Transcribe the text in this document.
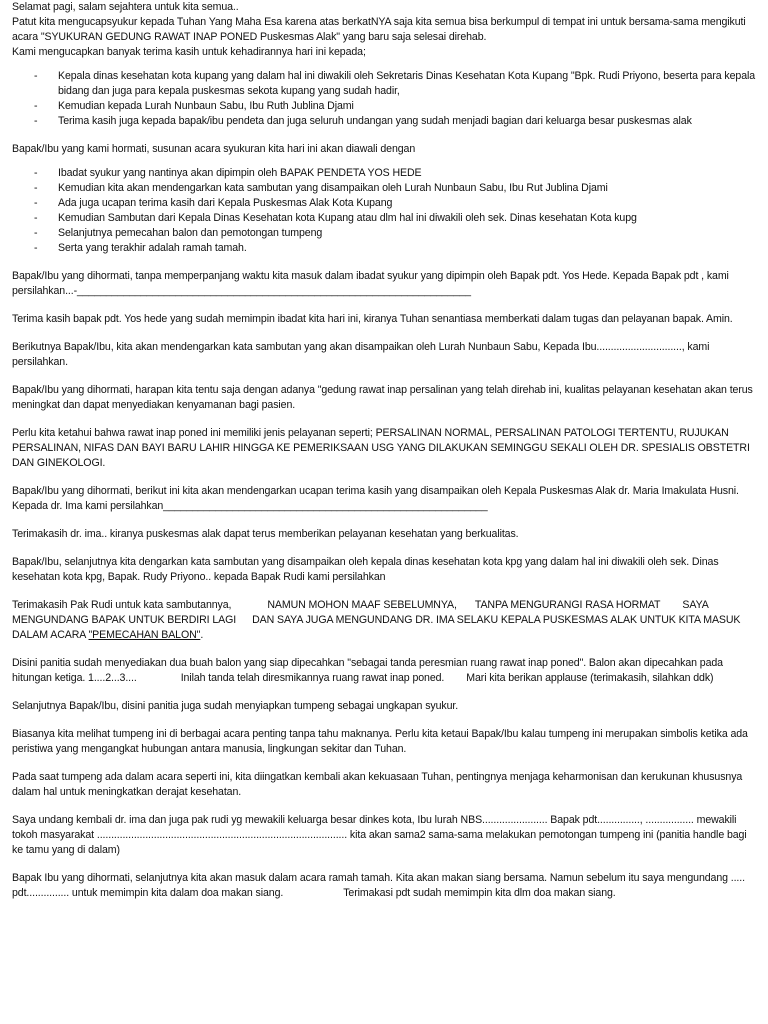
Selamat pagi, salam sejahtera untuk kita semua..

Patut kita mengucapsyukur kepada Tuhan Yang Maha Esa karena atas berkatNYA saja kita semua bisa berkumpul di tempat ini untuk bersama-sama mengikuti acara "SYUKURAN GEDUNG RAWAT INAP PONED Puskesmas Alak" yang baru saja selesai direhab.

Kami mengucapkan banyak terima kasih untuk kehadirannya hari ini kepada;

- Kepala dinas kesehatan kota kupang yang dalam hal ini diwakili oleh Sekretaris Dinas Kesehatan Kota Kupang "Bpk. Rudi Priyono, beserta para kepala bidang dan juga para kepala puskesmas sekota kupang yang sudah hadir,
- Kemudian kepada Lurah Nunbaun Sabu, Ibu Ruth Jublina Djami
- Terima kasih juga kepada bapak/ibu pendeta dan juga seluruh undangan yang sudah menjadi bagian dari keluarga besar puskesmas alak

Bapak/Ibu yang kami hormati, susunan acara syukuran kita hari ini akan diawali dengan

- Ibadat syukur yang nantinya akan dipimpin oleh BAPAK PENDETA YOS HEDE
- Kemudian kita akan mendengarkan kata sambutan yang disampaikan oleh Lurah Nunbaun Sabu, Ibu Rut Jublina Djami
- Ada juga ucapan terima kasih dari Kepala Puskesmas Alak Kota Kupang
- Kemudian Sambutan dari Kepala Dinas Kesehatan kota Kupang atau dlm hal ini diwakili oleh sek. Dinas kesehatan Kota kupg
- Selanjutnya pemecahan balon dan pemotongan tumpeng
- Serta yang terakhir adalah ramah tamah.

Bapak/Ibu yang dihormati, tanpa memperpanjang waktu kita masuk dalam ibadat syukur yang dipimpin oleh Bapak pdt. Yos Hede. Kepada Bapak pdt , kami persilahkan...-____________________________________________________________________

Terima kasih bapak pdt. Yos hede yang sudah memimpin ibadat kita hari ini, kiranya Tuhan senantiasa memberkati dalam tugas dan pelayanan bapak. Amin.

Berikutnya Bapak/Ibu, kita akan mendengarkan kata sambutan yang akan disampaikan oleh Lurah Nunbaun Sabu, Kepada Ibu.............................., kami persilahkan.

Bapak/Ibu yang dihormati, harapan kita tentu saja dengan adanya "gedung rawat inap persalinan yang telah direhab ini, kualitas pelayanan kesehatan akan terus meningkat dan dapat menyediakan kenyamanan bagi pasien.

Perlu kita ketahui bahwa rawat inap poned ini memiliki jenis pelayanan seperti; PERSALINAN NORMAL, PERSALINAN PATOLOGI TERTENTU, RUJUKAN PERSALINAN, NIFAS DAN BAYI BARU LAHIR HINGGA KE PEMERIKSAAN USG YANG DILAKUKAN SEMINGGU SEKALI OLEH DR. SPESIALIS OBSTETRI DAN GINEKOLOGI.

Bapak/Ibu yang dihormati, berikut ini kita akan mendengarkan ucapan terima kasih yang disampaikan oleh Kepala Puskesmas Alak dr. Maria Imakulata Husni. Kepada dr. Ima kami persilahkan________________________________________________________

Terimakasih dr. ima.. kiranya puskesmas alak dapat terus memberikan pelayanan kesehatan yang berkualitas.

Bapak/Ibu, selanjutnya kita dengarkan kata sambutan yang disampaikan oleh kepala dinas kesehatan kota kpg yang dalam hal ini diwakili oleh sek. Dinas kesehatan kota kpg, Bapak. Rudy Priyono.. kepada Bapak Rudi kami persilahkan

Terimakasih Pak Rudi untuk kata sambutannya,	NAMUN MOHON MAAF SEBELUMNYA, TANPA MENGURANGI RASA HORMAT SAYA MENGUNDANG BAPAK UNTUK BERDIRI LAGI DAN SAYA JUGA MENGUNDANG DR. IMA SELAKU KEPALA PUSKESMAS ALAK UNTUK KITA MASUK DALAM ACARA "PEMECAHAN BALON".

Disini panitia sudah menyediakan dua buah balon yang siap dipecahkan "sebagai tanda peresmian ruang rawat inap poned". Balon akan dipecahkan pada hitungan ketiga. 1....2...3....	Inilah tanda telah diresmikannya ruang rawat inap poned. Mari kita berikan applause (terimakasih, silahkan ddk)

Selanjutnya Bapak/Ibu, disini panitia juga sudah menyiapkan tumpeng sebagai ungkapan syukur.

Biasanya kita melihat tumpeng ini di berbagai acara penting tanpa tahu maknanya. Perlu kita ketaui Bapak/Ibu kalau tumpeng ini merupakan simbolis ketika ada peristiwa yang mengangkat hubungan antara manusia, lingkungan sekitar dan Tuhan.

Pada saat tumpeng ada dalam acara seperti ini, kita diingatkan kembali akan kekuasaan Tuhan, pentingnya menjaga keharmonisan dan kerukunan khususnya dalam hal untuk meningkatkan derajat kesehatan.

Saya undang kembali dr. ima dan juga pak rudi yg mewakili keluarga besar dinkes kota, Ibu lurah NBS....................... Bapak pdt..............., ................. mewakili tokoh masyarakat ........................................................................................ kita akan sama2 sama-sama melakukan pemotongan tumpeng ini (panitia handle bagi ke tamu yang di dalam)

Bapak Ibu yang dihormati, selanjutnya kita akan masuk dalam acara ramah tamah. Kita akan makan siang bersama. Namun sebelum itu saya mengundang ..... pdt............... untuk memimpin kita dalam doa makan siang.	Terimakasi pdt sudah memimpin kita dlm doa makan siang.
